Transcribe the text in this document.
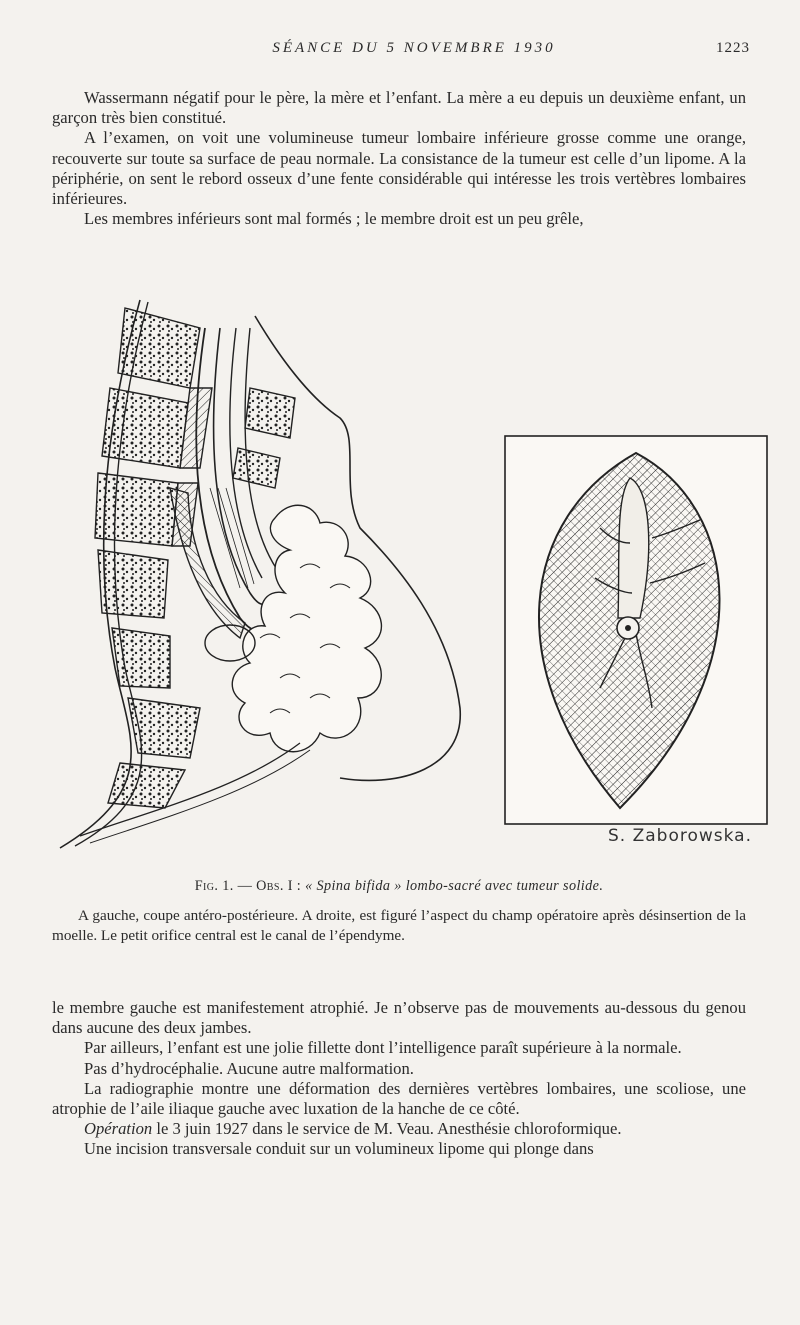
SÉANCE DU 5 NOVEMBRE 1930	1223

Wassermann négatif pour le père, la mère et l’enfant. La mère a eu depuis un deuxième enfant, un garçon très bien constitué.

A l’examen, on voit une volumineuse tumeur lombaire inférieure grosse comme une orange, recouverte sur toute sa surface de peau normale. La consistance de la tumeur est celle d’un lipome. A la périphérie, on sent le rebord osseux d’une fente considérable qui intéresse les trois vertèbres lombaires inférieures.

Les membres inférieurs sont mal formés ; le membre droit est un peu grêle,

S. Zaborowska.
Fig. 1. — Obs. I : « Spina bifida » lombo-sacré avec tumeur solide.

A gauche, coupe antéro-postérieure. A droite, est figuré l’aspect du champ opératoire après désinsertion de la moelle. Le petit orifice central est le canal de l’épendyme.

le membre gauche est manifestement atrophié. Je n’observe pas de mouvements au-dessous du genou dans aucune des deux jambes.

Par ailleurs, l’enfant est une jolie fillette dont l’intelligence paraît supérieure à la normale.

Pas d’hydrocéphalie. Aucune autre malformation.

La radiographie montre une déformation des dernières vertèbres lombaires, une scoliose, une atrophie de l’aile iliaque gauche avec luxation de la hanche de ce côté.

Opération le 3 juin 1927 dans le service de M. Veau. Anesthésie chloroformique.

Une incision transversale conduit sur un volumineux lipome qui plonge dans
